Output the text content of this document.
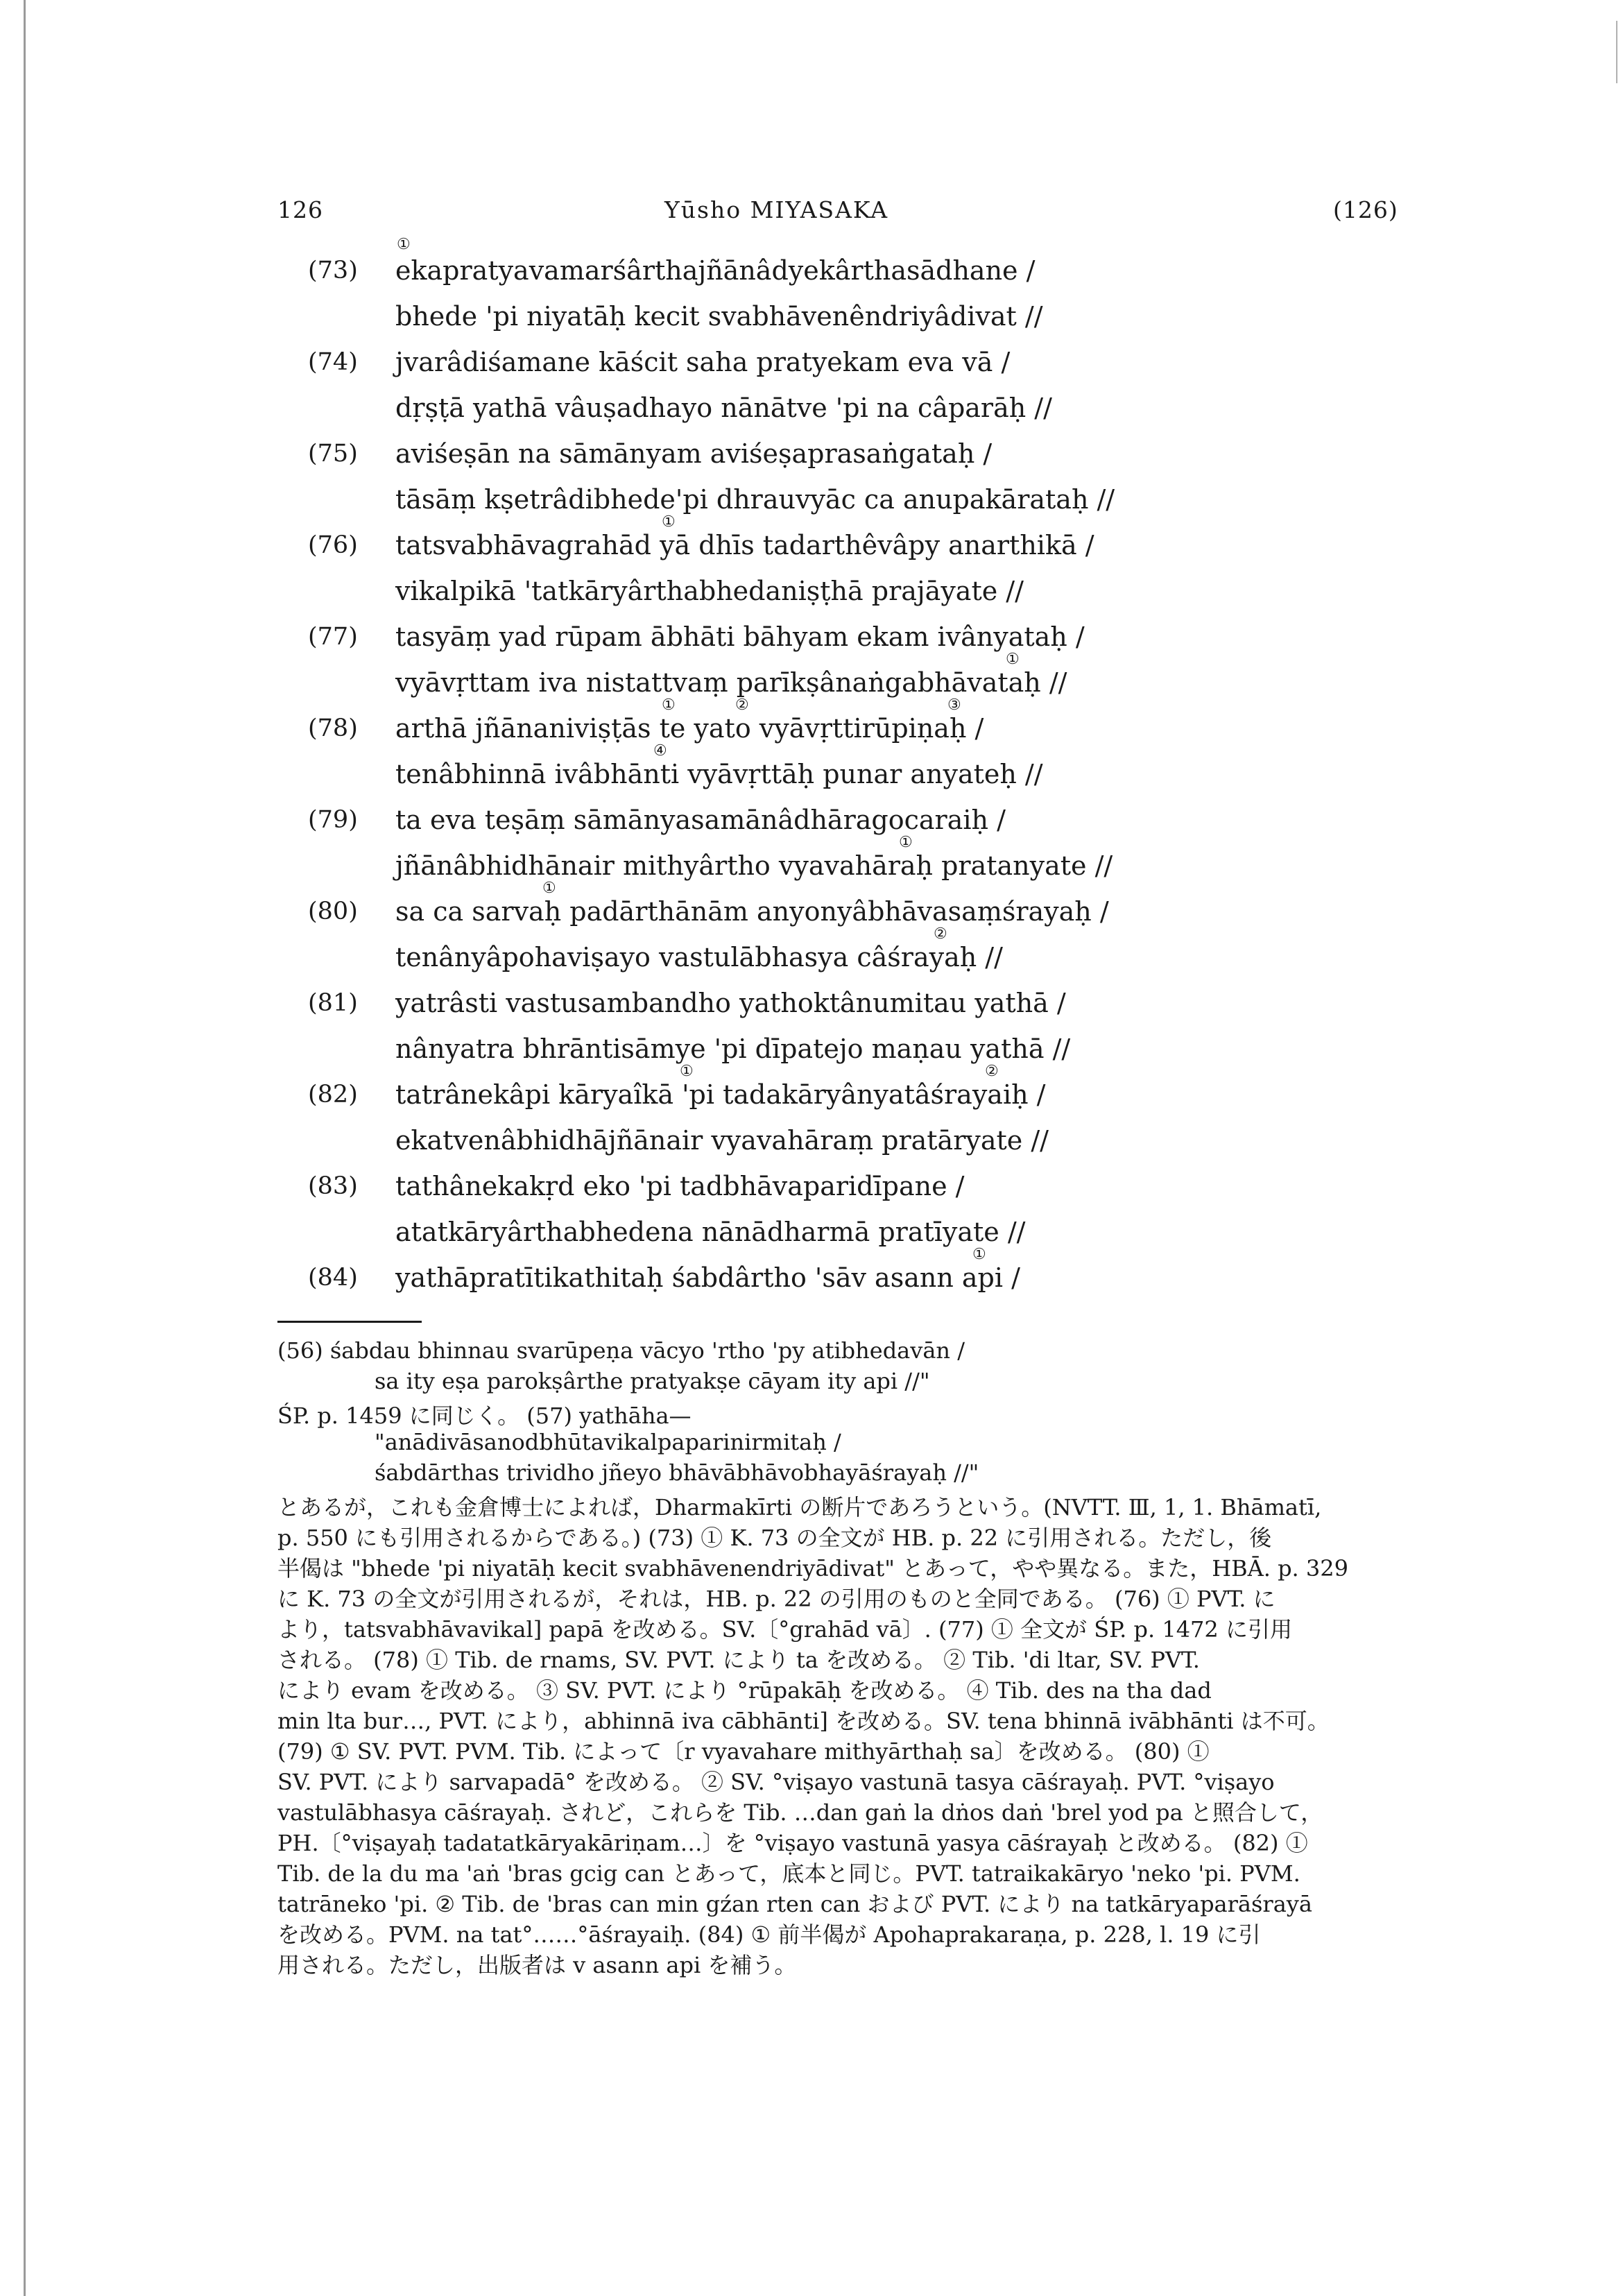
126	Yūsho MIYASAKA	(126)
①
(73)	ekapratyavamarśârthajñānâdyekârthasādhane /
bhede 'pi niyatāḥ kecit svabhāvenêndriyâdivat //
(74)	jvarâdiśamane kāścit saha pratyekam eva vā /
dṛṣṭā yathā vâuṣadhayo nānātve 'pi na câparāḥ //
(75)	aviśeṣān na sāmānyam aviśeṣaprasaṅgataḥ /
tāsāṃ kṣetrâdibhede'pi dhrauvyāc ca anupakārataḥ //
①
(76)	tatsvabhāvagrahād yā dhīs tadarthêvâpy anarthikā /
vikalpikā 'tatkāryârthabhedaniṣṭhā prajāyate //
(77)	tasyāṃ yad rūpam ābhāti bāhyam ekam ivânyataḥ /
①
vyāvṛttam iva nistattvaṃ parīkṣânaṅgabhāvataḥ //
①	②	③
(78)	arthā jñānaniviṣṭās te yato vyāvṛttirūpiṇaḥ /
④
tenâbhinnā ivâbhānti vyāvṛttāḥ punar anyateḥ //
(79)	ta eva teṣāṃ sāmānyasamānâdhāragocaraiḥ /
①
jñānâbhidhānair mithyârtho vyavahāraḥ pratanyate //
①
(80)	sa ca sarvaḥ padārthānām anyonyâbhāvasaṃśrayaḥ /
②
tenânyâpohaviṣayo vastulābhasya câśrayaḥ //
(81)	yatrâsti vastusambandho yathoktânumitau yathā /
nânyatra bhrāntisāmye 'pi dīpatejo maṇau yathā //
①	②
(82)	tatrânekâpi kāryaîkā 'pi tadakāryânyatâśrayaiḥ /
ekatvenâbhidhājñānair vyavahāraṃ pratāryate //
(83)	tathânekakṛd eko 'pi tadbhāvaparidīpane /
atatkāryârthabhedena nānādharmā pratīyate //
①
(84)	yathāpratītikathitaḥ śabdârtho 'sāv asann api /
(56) śabdau bhinnau svarūpeṇa vācyo 'rtho 'py atibhedavān /
sa ity eṣa parokṣârthe pratyakṣe cāyam ity api //"
ŚP. p. 1459 に同じく。 (57) yathāha—
"anādivāsanodbhūtavikalpaparinirmitaḥ /
śabdārthas trividho jñeyo bhāvābhāvobhayāśrayaḥ //"
とあるが，これも金倉博士によれば，Dharmakīrti の断片であろうという。(NVTT. Ⅲ, 1, 1. Bhāmatī,
p. 550 にも引用されるからである。) (73) ① K. 73 の全文が HB. p. 22 に引用される。ただし，後
半偈は "bhede 'pi niyatāḥ kecit svabhāvenendriyādivat" とあって，やや異なる。また，HBĀ. p. 329
に K. 73 の全文が引用されるが，それは，HB. p. 22 の引用のものと全同である。 (76) ① PVT. に
より，tatsvabhāvavikal] papā を改める。SV.〔°grahād vā〕. (77) ① 全文が ŚP. p. 1472 に引用
される。 (78) ① Tib. de rnams, SV. PVT. により ta を改める。 ② Tib. 'di ltar, SV. PVT.
により evam を改める。 ③ SV. PVT. により °rūpakāḥ を改める。 ④ Tib. des na tha dad
min lta bur…, PVT. により，abhinnā iva cābhānti] を改める。SV. tena bhinnā ivābhānti は不可。
(79) ① SV. PVT. PVM. Tib. によって〔r vyavahare mithyārthaḥ sa〕を改める。 (80) ①
SV. PVT. により sarvapadā° を改める。 ② SV. °viṣayo vastunā tasya cāśrayaḥ. PVT. °viṣayo
vastulābhasya cāśrayaḥ. されど，これらを Tib. …dan gaṅ la dṅos daṅ 'brel yod pa と照合して，
PH.〔°viṣayaḥ tadatatkāryakāriṇam…〕を °viṣayo vastunā yasya cāśrayaḥ と改める。 (82) ①
Tib. de la du ma 'aṅ 'bras gcig can とあって，底本と同じ。PVT. tatraikakāryo 'neko 'pi. PVM.
tatrāneko 'pi. ② Tib. de 'bras can min gźan rten can および PVT. により na tatkāryaparāśrayā
を改める。PVM. na tat°……°āśrayaiḥ. (84) ① 前半偈が Apohaprakaraṇa, p. 228, l. 19 に引
用される。ただし，出版者は v asann api を補う。
